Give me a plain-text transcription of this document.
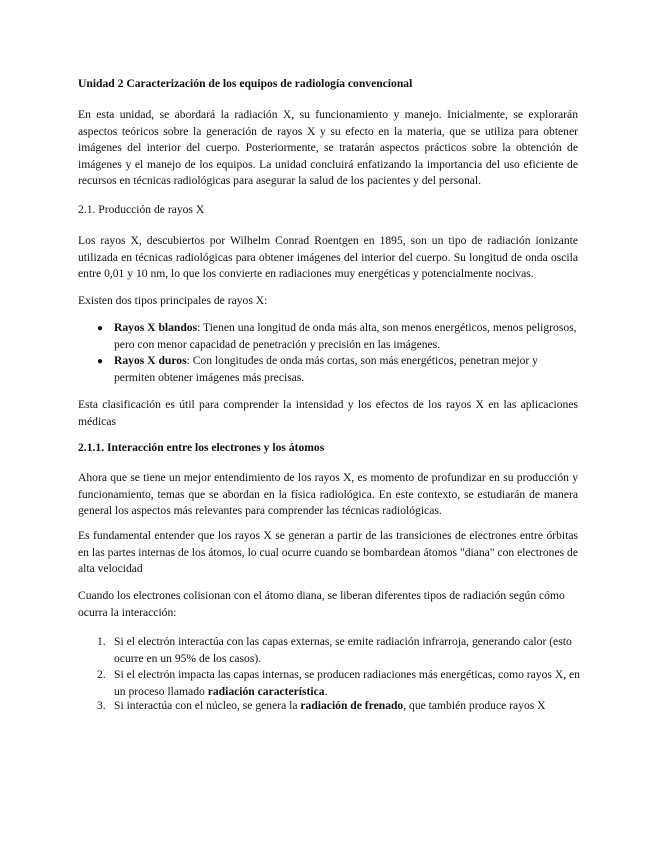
Unidad 2 Caracterización de los equipos de radiología convencional

En esta unidad, se abordará la radiación X, su funcionamiento y manejo. Inicialmente, se explorarán aspectos teóricos sobre la generación de rayos X y su efecto en la materia, que se utiliza para obtener imágenes del interior del cuerpo. Posteriormente, se tratarán aspectos prácticos sobre la obtención de imágenes y el manejo de los equipos. La unidad concluirá enfatizando la importancia del uso eficiente de recursos en técnicas radiológicas para asegurar la salud de los pacientes y del personal.

2.1. Producción de rayos X

Los rayos X, descubiertos por Wilhelm Conrad Roentgen en 1895, son un tipo de radiación ionizante utilizada en técnicas radiológicas para obtener imágenes del interior del cuerpo. Su longitud de onda oscila entre 0,01 y 10 nm, lo que los convierte en radiaciones muy energéticas y potencialmente nocivas.

Existen dos tipos principales de rayos X:

● Rayos X blandos: Tienen una longitud de onda más alta, son menos energéticos, menos peligrosos, pero con menor capacidad de penetración y precisión en las imágenes.

● Rayos X duros: Con longitudes de onda más cortas, son más energéticos, penetran mejor y permiten obtener imágenes más precisas.

Esta clasificación es útil para comprender la intensidad y los efectos de los rayos X en las aplicaciones médicas

2.1.1. Interacción entre los electrones y los átomos

Ahora que se tiene un mejor entendimiento de los rayos X, es momento de profundizar en su producción y funcionamiento, temas que se abordan en la física radiológica. En este contexto, se estudiarán de manera general los aspectos más relevantes para comprender las técnicas radiológicas.

Es fundamental entender que los rayos X se generan a partir de las transiciones de electrones entre órbitas en las partes internas de los átomos, lo cual ocurre cuando se bombardean átomos "diana" con electrones de alta velocidad

Cuando los electrones colisionan con el átomo diana, se liberan diferentes tipos de radiación según cómo ocurra la interacción:

1. Si el electrón interactúa con las capas externas, se emite radiación infrarroja, generando calor (esto ocurre en un 95% de los casos).

2. Si el electrón impacta las capas internas, se producen radiaciones más energéticas, como rayos X, en un proceso llamado radiación característica.

3. Si interactúa con el núcleo, se genera la radiación de frenado, que también produce rayos X
